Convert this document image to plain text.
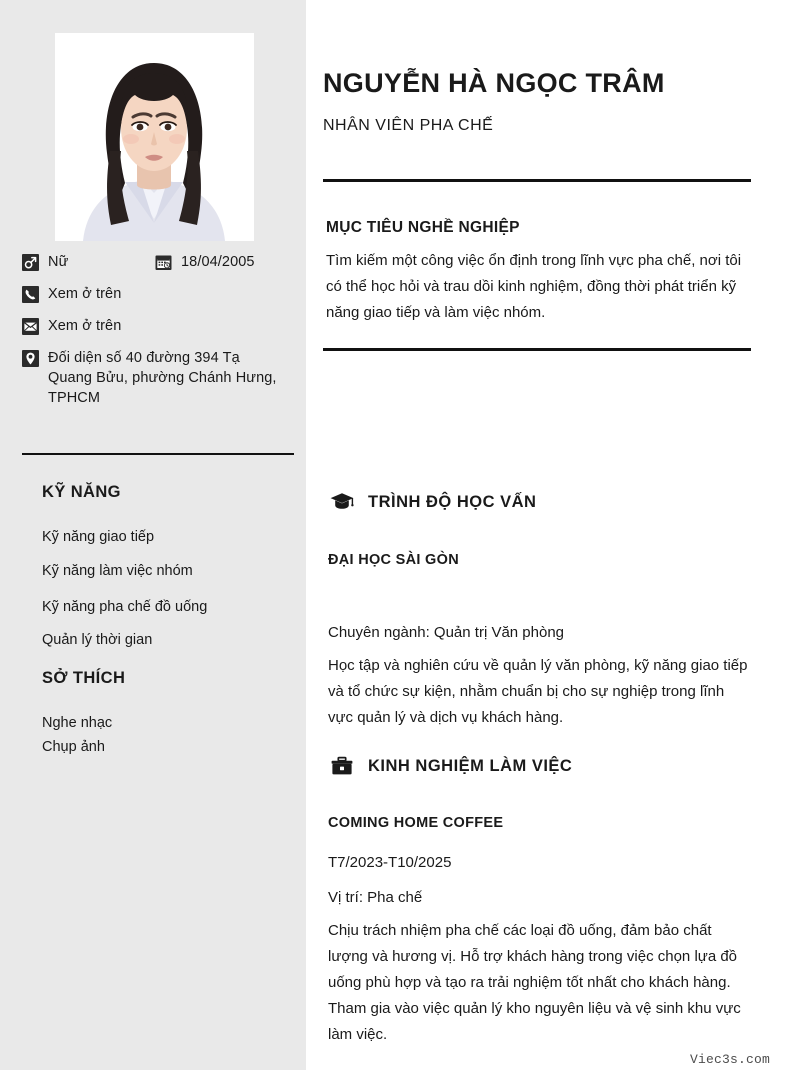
Nữ	18/04/2005
Xem ở trên
Xem ở trên
Đối diện số 40 đường 394 Tạ Quang Bửu, phường Chánh Hưng, TPHCM
KỸ NĂNG
Kỹ năng giao tiếp
Kỹ năng làm việc nhóm
Kỹ năng pha chế đồ uống
Quản lý thời gian
SỞ THÍCH
Nghe nhạc
Chụp ảnh
NGUYỄN HÀ NGỌC TRÂM
NHÂN VIÊN PHA CHẾ
MỤC TIÊU NGHỀ NGHIỆP
Tìm kiếm một công việc ổn định trong lĩnh vực pha chế, nơi tôi có thể học hỏi và trau dồi kinh nghiệm, đồng thời phát triển kỹ năng giao tiếp và làm việc nhóm.
TRÌNH ĐỘ HỌC VẤN
ĐẠI HỌC SÀI GÒN
Chuyên ngành: Quản trị Văn phòng
Học tập và nghiên cứu về quản lý văn phòng, kỹ năng giao tiếp và tổ chức sự kiện, nhằm chuẩn bị cho sự nghiệp trong lĩnh vực quản lý và dịch vụ khách hàng.
KINH NGHIỆM LÀM VIỆC
COMING HOME COFFEE
T7/2023-T10/2025
Vị trí: Pha chế
Chịu trách nhiệm pha chế các loại đồ uống, đảm bảo chất lượng và hương vị. Hỗ trợ khách hàng trong việc chọn lựa đồ uống phù hợp và tạo ra trải nghiệm tốt nhất cho khách hàng. Tham gia vào việc quản lý kho nguyên liệu và vệ sinh khu vực làm việc.
Viec3s.com
